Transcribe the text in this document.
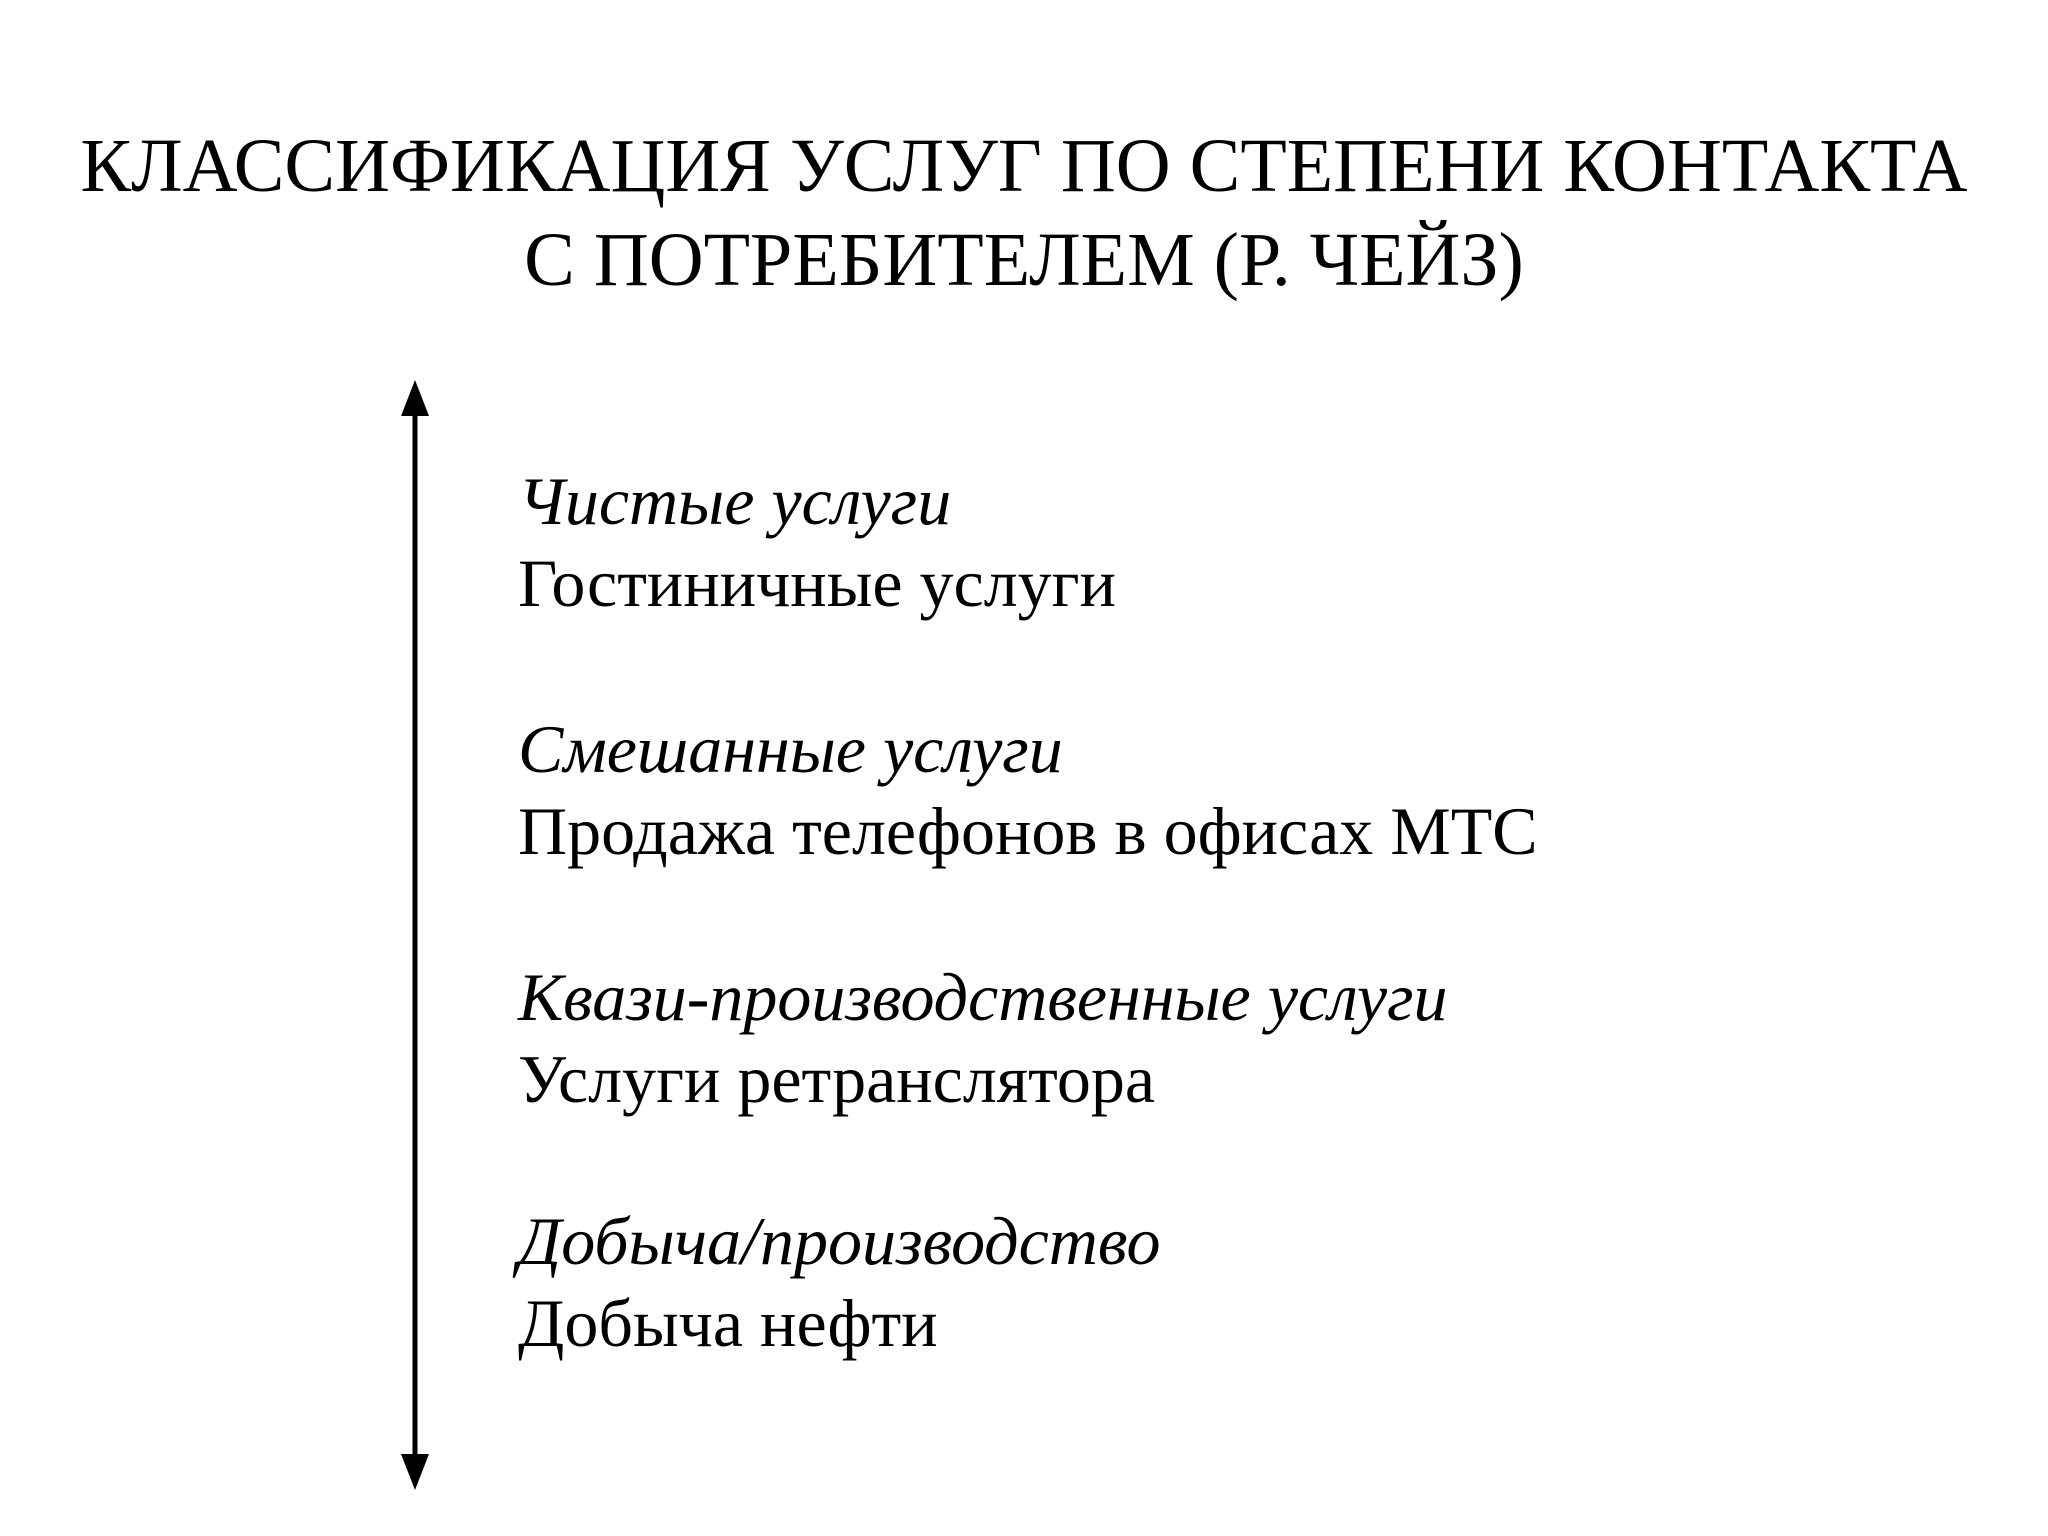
КЛАССИФИКАЦИЯ УСЛУГ ПО СТЕПЕНИ КОНТАКТА
С ПОТРЕБИТЕЛЕМ (Р. ЧЕЙЗ)
Чистые услуги
Гостиничные услуги
Смешанные услуги
Продажа телефонов в офисах МТС
Квази-производственные услуги
Услуги ретранслятора
Добыча/производство
Добыча нефти
